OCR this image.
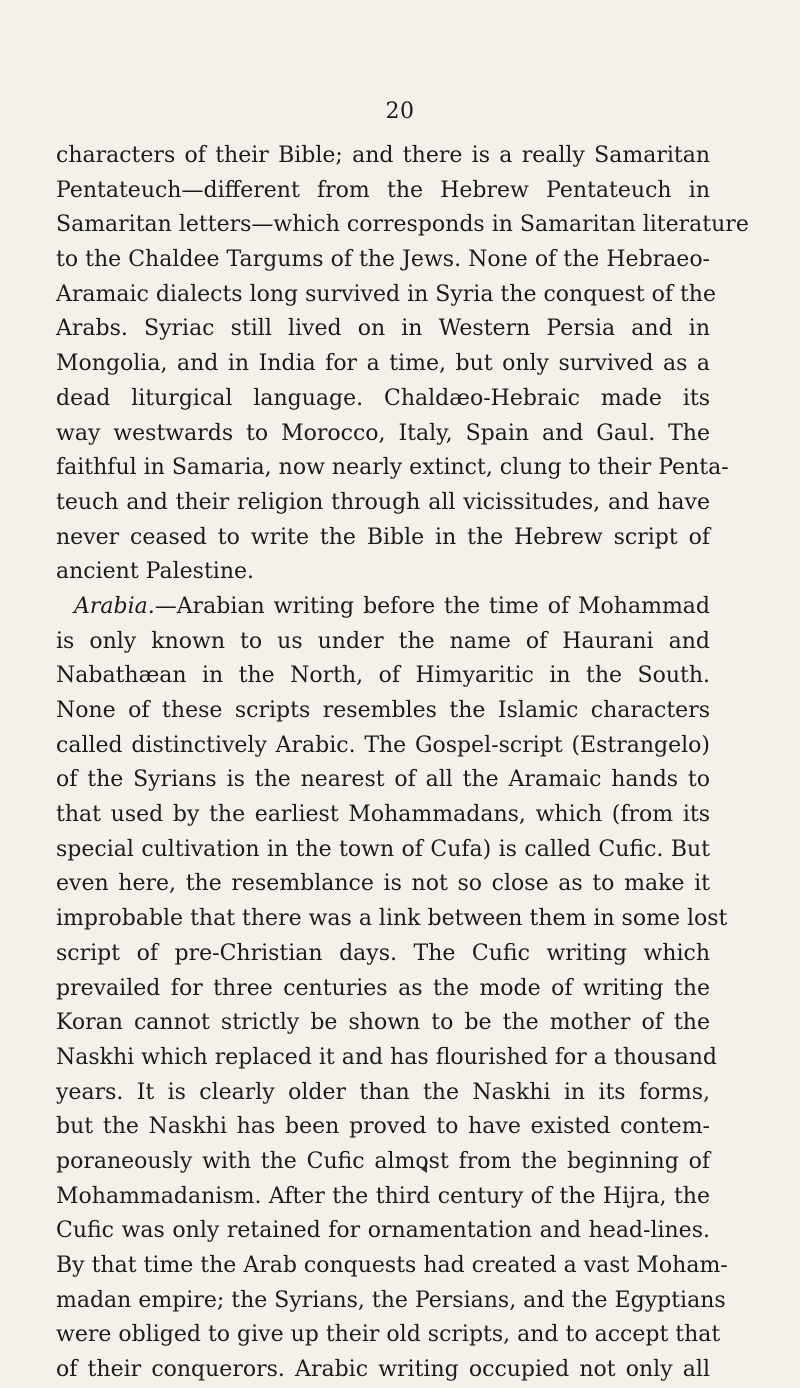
20
characters of their Bible; and there is a really Samaritan
Pentateuch—different from the Hebrew Pentateuch in
Samaritan letters—which corresponds in Samaritan literature
to the Chaldee Targums of the Jews. None of the Hebraeo-
Aramaic dialects long survived in Syria the conquest of the
Arabs. Syriac still lived on in Western Persia and in
Mongolia, and in India for a time, but only survived as a
dead liturgical language. Chaldæo-Hebraic made its
way westwards to Morocco, Italy, Spain and Gaul. The
faithful in Samaria, now nearly extinct, clung to their Penta-
teuch and their religion through all vicissitudes, and have
never ceased to write the Bible in the Hebrew script of
ancient Palestine.
Arabia.—Arabian writing before the time of Mohammad
is only known to us under the name of Haurani and
Nabathæan in the North, of Himyaritic in the South.
None of these scripts resembles the Islamic characters
called distinctively Arabic. The Gospel-script (Estrangelo)
of the Syrians is the nearest of all the Aramaic hands to
that used by the earliest Mohammadans, which (from its
special cultivation in the town of Cufa) is called Cufic. But
even here, the resemblance is not so close as to make it
improbable that there was a link between them in some lost
script of pre-Christian days. The Cufic writing which
prevailed for three centuries as the mode of writing the
Koran cannot strictly be shown to be the mother of the
Naskhi which replaced it and has flourished for a thousand
years. It is clearly older than the Naskhi in its forms,
but the Naskhi has been proved to have existed contem-
poraneously with the Cufic almost from the beginning of
Mohammadanism. After the third century of the Hijra, the
Cufic was only retained for ornamentation and head-lines.
By that time the Arab conquests had created a vast Moham-
madan empire; the Syrians, the Persians, and the Egyptians
were obliged to give up their old scripts, and to accept that
of their conquerors. Arabic writing occupied not only all
